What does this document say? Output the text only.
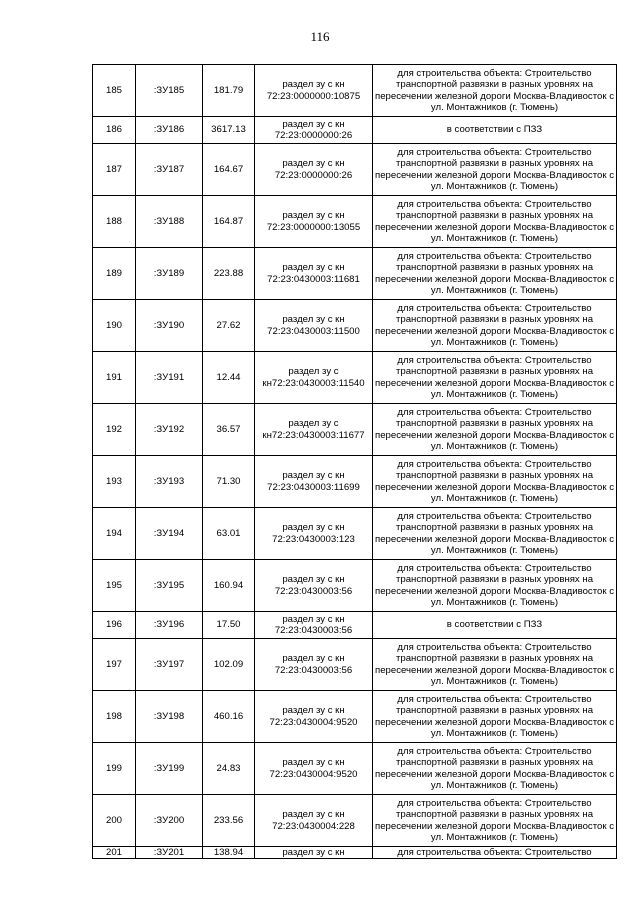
116
185	:ЗУ185	181.79	раздел зу с кн 72:23:0000000:10875	для строительства объекта: Строительство транспортной развязки в разных уровнях на пересечении железной дороги Москва-Владивосток с ул. Монтажников (г. Тюмень)
186	:ЗУ186	3617.13	раздел зу с кн 72:23:0000000:26	в соответствии с ПЗЗ
187	:ЗУ187	164.67	раздел зу с кн 72:23:0000000:26	для строительства объекта: Строительство транспортной развязки в разных уровнях на пересечении железной дороги Москва-Владивосток с ул. Монтажников (г. Тюмень)
188	:ЗУ188	164.87	раздел зу с кн 72:23:0000000:13055	для строительства объекта: Строительство транспортной развязки в разных уровнях на пересечении железной дороги Москва-Владивосток с ул. Монтажников (г. Тюмень)
189	:ЗУ189	223.88	раздел зу с кн 72:23:0430003:11681	для строительства объекта: Строительство транспортной развязки в разных уровнях на пересечении железной дороги Москва-Владивосток с ул. Монтажников (г. Тюмень)
190	:ЗУ190	27.62	раздел зу с кн 72:23:0430003:11500	для строительства объекта: Строительство транспортной развязки в разных уровнях на пересечении железной дороги Москва-Владивосток с ул. Монтажников (г. Тюмень)
191	:ЗУ191	12.44	раздел зу с кн72:23:0430003:11540	для строительства объекта: Строительство транспортной развязки в разных уровнях на пересечении железной дороги Москва-Владивосток с ул. Монтажников (г. Тюмень)
192	:ЗУ192	36.57	раздел зу с кн72:23:0430003:11677	для строительства объекта: Строительство транспортной развязки в разных уровнях на пересечении железной дороги Москва-Владивосток с ул. Монтажников (г. Тюмень)
193	:ЗУ193	71.30	раздел зу с кн 72:23:0430003:11699	для строительства объекта: Строительство транспортной развязки в разных уровнях на пересечении железной дороги Москва-Владивосток с ул. Монтажников (г. Тюмень)
194	:ЗУ194	63.01	раздел зу с кн 72:23:0430003:123	для строительства объекта: Строительство транспортной развязки в разных уровнях на пересечении железной дороги Москва-Владивосток с ул. Монтажников (г. Тюмень)
195	:ЗУ195	160.94	раздел зу с кн 72:23:0430003:56	для строительства объекта: Строительство транспортной развязки в разных уровнях на пересечении железной дороги Москва-Владивосток с ул. Монтажников (г. Тюмень)
196	:ЗУ196	17.50	раздел зу с кн 72:23:0430003:56	в соответствии с ПЗЗ
197	:ЗУ197	102.09	раздел зу с кн 72:23:0430003:56	для строительства объекта: Строительство транспортной развязки в разных уровнях на пересечении железной дороги Москва-Владивосток с ул. Монтажников (г. Тюмень)
198	:ЗУ198	460.16	раздел зу с кн 72:23:0430004:9520	для строительства объекта: Строительство транспортной развязки в разных уровнях на пересечении железной дороги Москва-Владивосток с ул. Монтажников (г. Тюмень)
199	:ЗУ199	24.83	раздел зу с кн 72:23:0430004:9520	для строительства объекта: Строительство транспортной развязки в разных уровнях на пересечении железной дороги Москва-Владивосток с ул. Монтажников (г. Тюмень)
200	:ЗУ200	233.56	раздел зу с кн 72:23:0430004:228	для строительства объекта: Строительство транспортной развязки в разных уровнях на пересечении железной дороги Москва-Владивосток с ул. Монтажников (г. Тюмень)
201	:ЗУ201	138.94	раздел зу с кн	для строительства объекта: Строительство
